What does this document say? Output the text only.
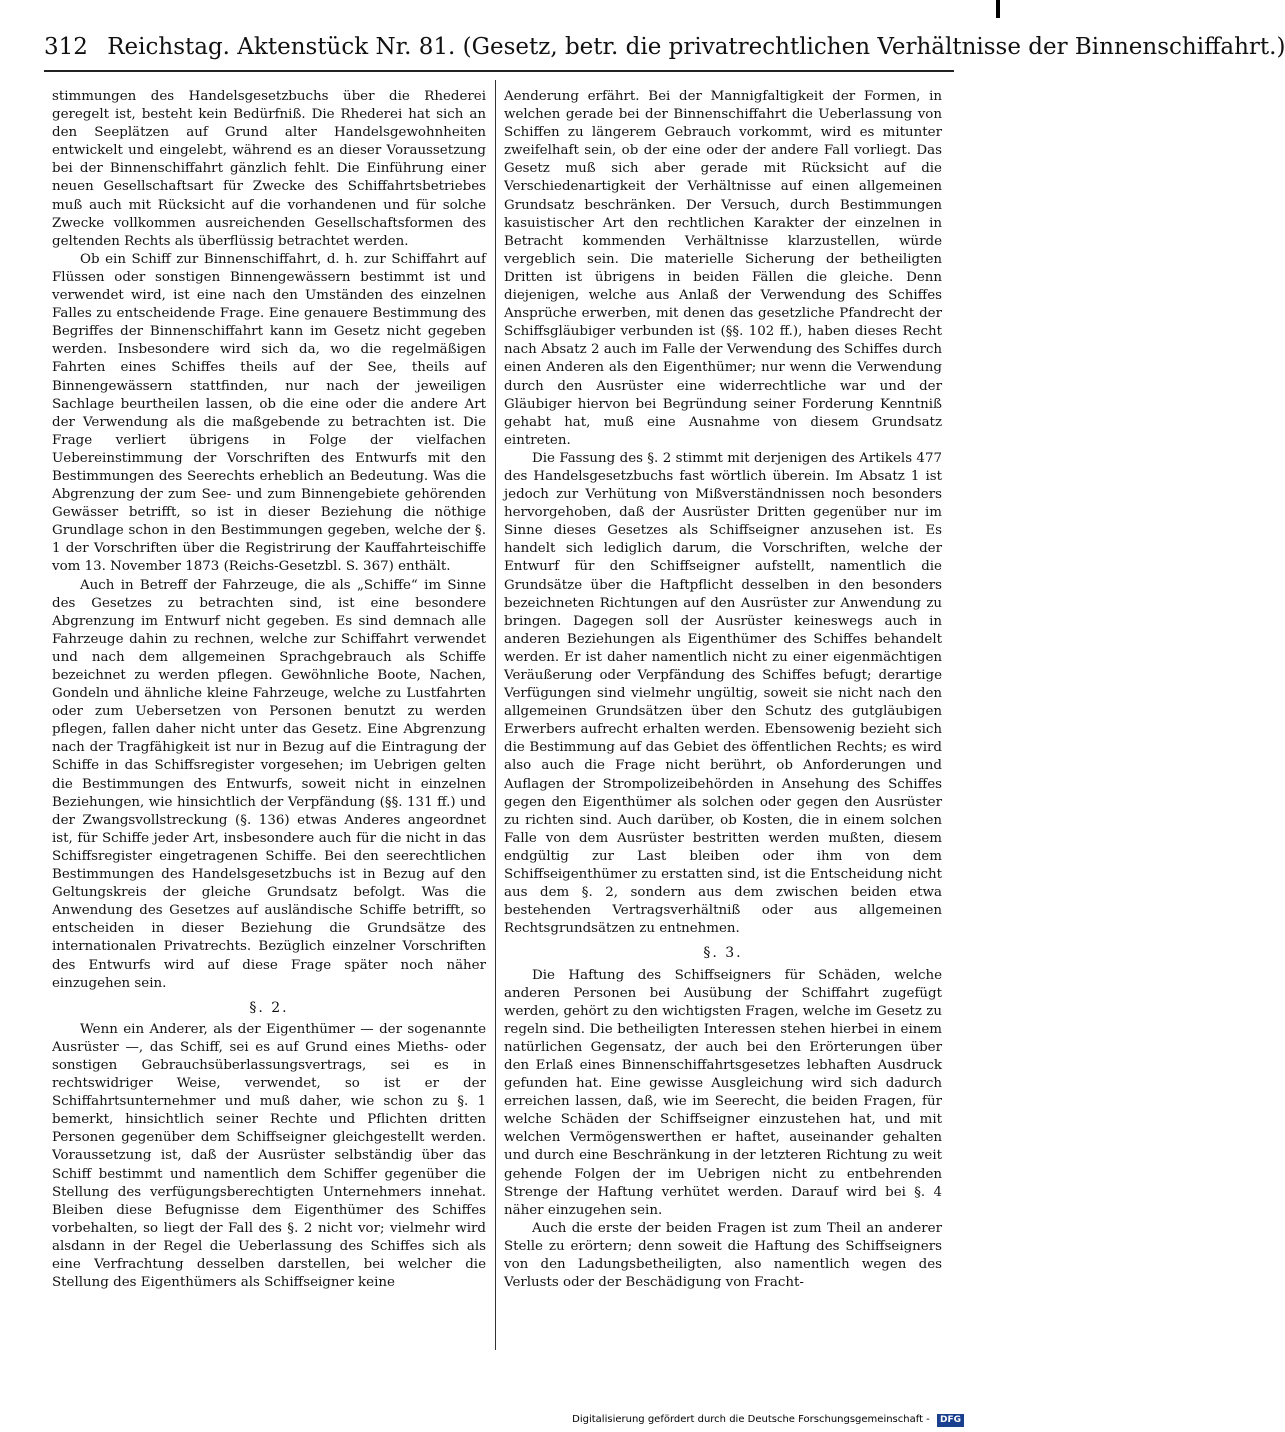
312 Reichstag. Aktenstück Nr. 81. (Gesetz, betr. die privatrechtlichen Verhältnisse der Binnenschiffahrt.)

stimmungen des Handelsgesetzbuchs über die Rhederei geregelt ist, besteht kein Bedürfniß. Die Rhederei hat sich an den Seeplätzen auf Grund alter Handelsgewohnheiten entwickelt und eingelebt, während es an dieser Voraussetzung bei der Binnenschiffahrt gänzlich fehlt. Die Einführung einer neuen Gesellschaftsart für Zwecke des Schiffahrtsbetriebes muß auch mit Rücksicht auf die vorhandenen und für solche Zwecke vollkommen ausreichenden Gesellschaftsformen des geltenden Rechts als überflüssig betrachtet werden.

Ob ein Schiff zur Binnenschiffahrt, d. h. zur Schiffahrt auf Flüssen oder sonstigen Binnengewässern bestimmt ist und verwendet wird, ist eine nach den Umständen des einzelnen Falles zu entscheidende Frage. Eine genauere Bestimmung des Begriffes der Binnenschiffahrt kann im Gesetz nicht gegeben werden. Insbesondere wird sich da, wo die regelmäßigen Fahrten eines Schiffes theils auf der See, theils auf Binnengewässern stattfinden, nur nach der jeweiligen Sachlage beurtheilen lassen, ob die eine oder die andere Art der Verwendung als die maßgebende zu betrachten ist. Die Frage verliert übrigens in Folge der vielfachen Uebereinstimmung der Vorschriften des Entwurfs mit den Bestimmungen des Seerechts erheblich an Bedeutung. Was die Abgrenzung der zum See- und zum Binnengebiete gehörenden Gewässer betrifft, so ist in dieser Beziehung die nöthige Grundlage schon in den Bestimmungen gegeben, welche der §. 1 der Vorschriften über die Registrirung der Kauffahrteischiffe vom 13. November 1873 (Reichs-Gesetzbl. S. 367) enthält.

Auch in Betreff der Fahrzeuge, die als „Schiffe“ im Sinne des Gesetzes zu betrachten sind, ist eine besondere Abgrenzung im Entwurf nicht gegeben. Es sind demnach alle Fahrzeuge dahin zu rechnen, welche zur Schiffahrt verwendet und nach dem allgemeinen Sprachgebrauch als Schiffe bezeichnet zu werden pflegen. Gewöhnliche Boote, Nachen, Gondeln und ähnliche kleine Fahrzeuge, welche zu Lustfahrten oder zum Uebersetzen von Personen benutzt zu werden pflegen, fallen daher nicht unter das Gesetz. Eine Abgrenzung nach der Tragfähigkeit ist nur in Bezug auf die Eintragung der Schiffe in das Schiffsregister vorgesehen; im Uebrigen gelten die Bestimmungen des Entwurfs, soweit nicht in einzelnen Beziehungen, wie hinsichtlich der Verpfändung (§§. 131 ff.) und der Zwangsvollstreckung (§. 136) etwas Anderes angeordnet ist, für Schiffe jeder Art, insbesondere auch für die nicht in das Schiffsregister eingetragenen Schiffe. Bei den seerechtlichen Bestimmungen des Handelsgesetzbuchs ist in Bezug auf den Geltungskreis der gleiche Grundsatz befolgt. Was die Anwendung des Gesetzes auf ausländische Schiffe betrifft, so entscheiden in dieser Beziehung die Grundsätze des internationalen Privatrechts. Bezüglich einzelner Vorschriften des Entwurfs wird auf diese Frage später noch näher einzugehen sein.

§. 2.

Wenn ein Anderer, als der Eigenthümer — der sogenannte Ausrüster —, das Schiff, sei es auf Grund eines Mieths- oder sonstigen Gebrauchsüberlassungsvertrags, sei es in rechtswidriger Weise, verwendet, so ist er der Schiffahrtsunternehmer und muß daher, wie schon zu §. 1 bemerkt, hinsichtlich seiner Rechte und Pflichten dritten Personen gegenüber dem Schiffseigner gleichgestellt werden. Voraussetzung ist, daß der Ausrüster selbständig über das Schiff bestimmt und namentlich dem Schiffer gegenüber die Stellung des verfügungsberechtigten Unternehmers innehat. Bleiben diese Befugnisse dem Eigenthümer des Schiffes vorbehalten, so liegt der Fall des §. 2 nicht vor; vielmehr wird alsdann in der Regel die Ueberlassung des Schiffes sich als eine Verfrachtung desselben darstellen, bei welcher die Stellung des Eigenthümers als Schiffseigner keine

Aenderung erfährt. Bei der Mannigfaltigkeit der Formen, in welchen gerade bei der Binnenschiffahrt die Ueberlassung von Schiffen zu längerem Gebrauch vorkommt, wird es mitunter zweifelhaft sein, ob der eine oder der andere Fall vorliegt. Das Gesetz muß sich aber gerade mit Rücksicht auf die Verschiedenartigkeit der Verhältnisse auf einen allgemeinen Grundsatz beschränken. Der Versuch, durch Bestimmungen kasuistischer Art den rechtlichen Karakter der einzelnen in Betracht kommenden Verhältnisse klarzustellen, würde vergeblich sein. Die materielle Sicherung der betheiligten Dritten ist übrigens in beiden Fällen die gleiche. Denn diejenigen, welche aus Anlaß der Verwendung des Schiffes Ansprüche erwerben, mit denen das gesetzliche Pfandrecht der Schiffsgläubiger verbunden ist (§§. 102 ff.), haben dieses Recht nach Absatz 2 auch im Falle der Verwendung des Schiffes durch einen Anderen als den Eigenthümer; nur wenn die Verwendung durch den Ausrüster eine widerrechtliche war und der Gläubiger hiervon bei Begründung seiner Forderung Kenntniß gehabt hat, muß eine Ausnahme von diesem Grundsatz eintreten.

Die Fassung des §. 2 stimmt mit derjenigen des Artikels 477 des Handelsgesetzbuchs fast wörtlich überein. Im Absatz 1 ist jedoch zur Verhütung von Mißverständnissen noch besonders hervorgehoben, daß der Ausrüster Dritten gegenüber nur im Sinne dieses Gesetzes als Schiffseigner anzusehen ist. Es handelt sich lediglich darum, die Vorschriften, welche der Entwurf für den Schiffseigner aufstellt, namentlich die Grundsätze über die Haftpflicht desselben in den besonders bezeichneten Richtungen auf den Ausrüster zur Anwendung zu bringen. Dagegen soll der Ausrüster keineswegs auch in anderen Beziehungen als Eigenthümer des Schiffes behandelt werden. Er ist daher namentlich nicht zu einer eigenmächtigen Veräußerung oder Verpfändung des Schiffes befugt; derartige Verfügungen sind vielmehr ungültig, soweit sie nicht nach den allgemeinen Grundsätzen über den Schutz des gutgläubigen Erwerbers aufrecht erhalten werden. Ebensowenig bezieht sich die Bestimmung auf das Gebiet des öffentlichen Rechts; es wird also auch die Frage nicht berührt, ob Anforderungen und Auflagen der Strompolizeibehörden in Ansehung des Schiffes gegen den Eigenthümer als solchen oder gegen den Ausrüster zu richten sind. Auch darüber, ob Kosten, die in einem solchen Falle von dem Ausrüster bestritten werden mußten, diesem endgültig zur Last bleiben oder ihm von dem Schiffseigenthümer zu erstatten sind, ist die Entscheidung nicht aus dem §. 2, sondern aus dem zwischen beiden etwa bestehenden Vertragsverhältniß oder aus allgemeinen Rechtsgrundsätzen zu entnehmen.

§. 3.

Die Haftung des Schiffseigners für Schäden, welche anderen Personen bei Ausübung der Schiffahrt zugefügt werden, gehört zu den wichtigsten Fragen, welche im Gesetz zu regeln sind. Die betheiligten Interessen stehen hierbei in einem natürlichen Gegensatz, der auch bei den Erörterungen über den Erlaß eines Binnenschiffahrtsgesetzes lebhaften Ausdruck gefunden hat. Eine gewisse Ausgleichung wird sich dadurch erreichen lassen, daß, wie im Seerecht, die beiden Fragen, für welche Schäden der Schiffseigner einzustehen hat, und mit welchen Vermögenswerthen er haftet, auseinander gehalten und durch eine Beschränkung in der letzteren Richtung zu weit gehende Folgen der im Uebrigen nicht zu entbehrenden Strenge der Haftung verhütet werden. Darauf wird bei §. 4 näher einzugehen sein.

Auch die erste der beiden Fragen ist zum Theil an anderer Stelle zu erörtern; denn soweit die Haftung des Schiffseigners von den Ladungsbetheiligten, also namentlich wegen des Verlusts oder der Beschädigung von Fracht-

Digitalisierung gefördert durch die Deutsche Forschungsgemeinschaft - DFG
